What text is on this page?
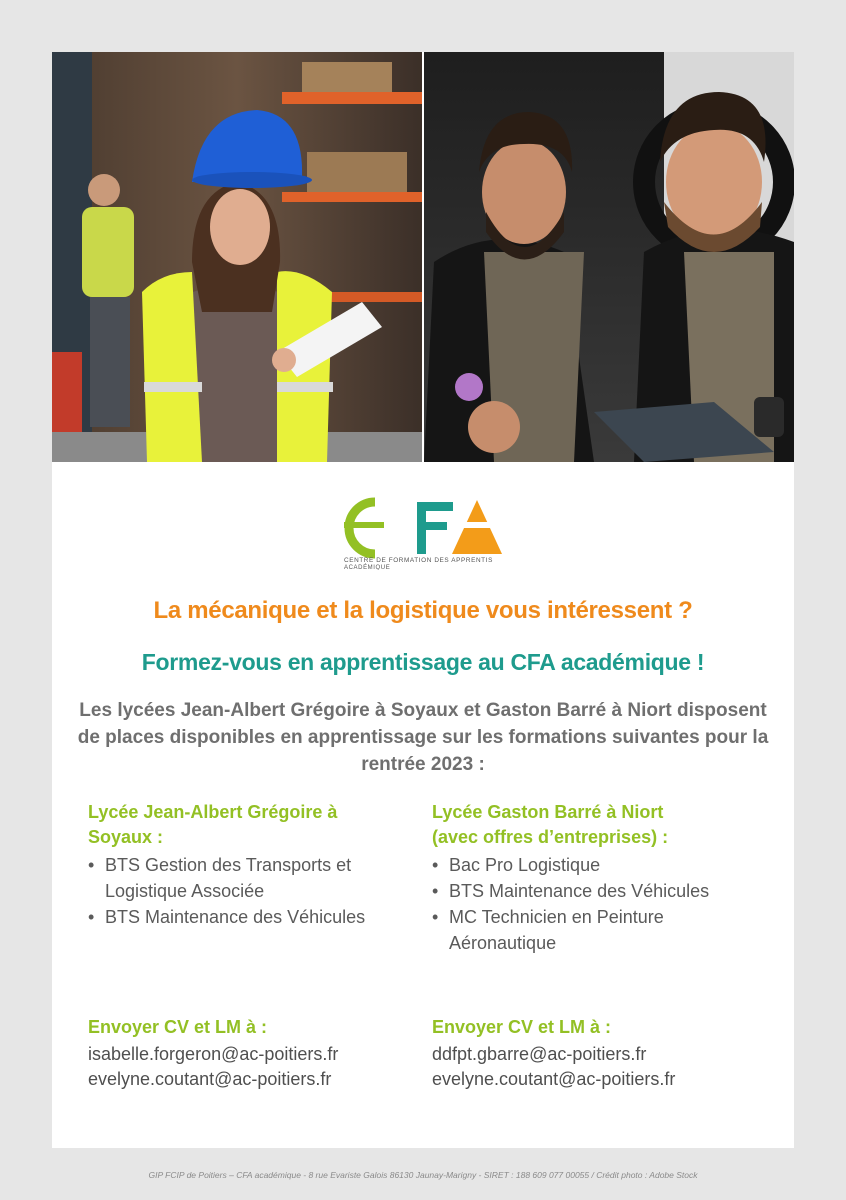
CENTRE DE FORMATION DES APPRENTIS
ACADÉMIQUE
La mécanique et la logistique vous intéressent ?
Formez-vous en apprentissage au CFA académique !

Les lycées Jean-Albert Grégoire à Soyaux et Gaston Barré à Niort disposent de places disponibles en apprentissage sur les formations suivantes pour la rentrée 2023 :

Lycée Jean-Albert Grégoire à
Soyaux :

• BTS Gestion des Transports et Logistique Associée
• BTS Maintenance des Véhicules

Lycée Gaston Barré à Niort
(avec offres d’entreprises) :

• Bac Pro Logistique
• BTS Maintenance des Véhicules
• MC Technicien en Peinture Aéronautique

Envoyer CV et LM à :

isabelle.forgeron@ac-poitiers.fr
evelyne.coutant@ac-poitiers.fr

Envoyer CV et LM à :

ddfpt.gbarre@ac-poitiers.fr
evelyne.coutant@ac-poitiers.fr
GIP FCIP de Poitiers – CFA académique - 8 rue Evariste Galois 86130 Jaunay-Marigny - SIRET : 188 609 077 00055 / Crédit photo : Adobe Stock
